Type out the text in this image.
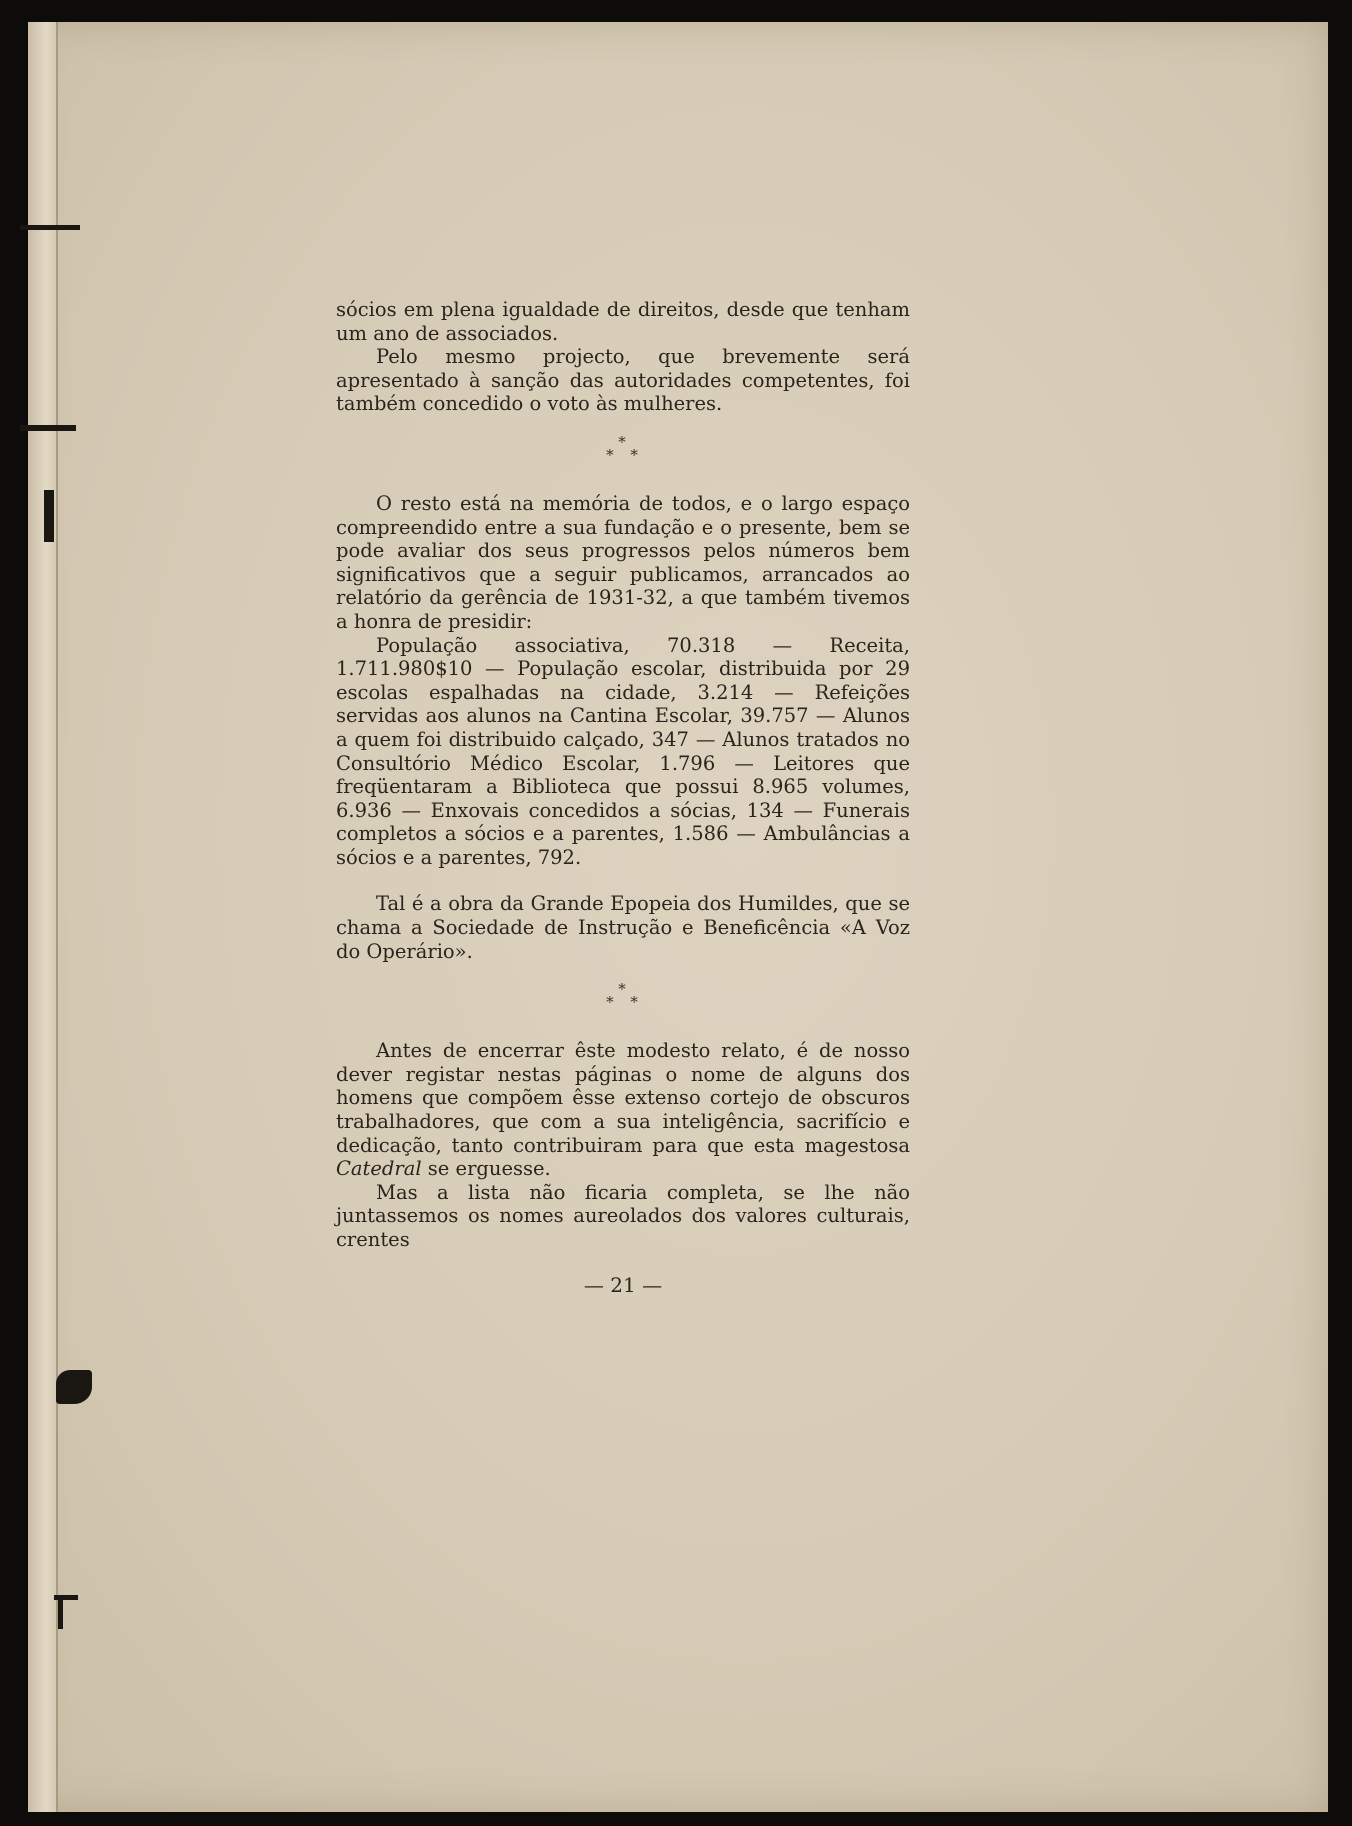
sócios em plena igualdade de direitos, desde que tenham um ano de associados.

Pelo mesmo projecto, que brevemente será apresentado à sanção das autoridades competentes, foi também concedido o voto às mulheres.

*
* *

O resto está na memória de todos, e o largo espaço compreendido entre a sua fundação e o presente, bem se pode avaliar dos seus progressos pelos números bem significativos que a seguir publicamos, arrancados ao relatório da gerência de 1931-32, a que também tivemos a honra de presidir:

População associativa, 70.318 — Receita, 1.711.980$10 — População escolar, distribuida por 29 escolas espalhadas na cidade, 3.214 — Refeições servidas aos alunos na Cantina Escolar, 39.757 — Alunos a quem foi distribuido calçado, 347 — Alunos tratados no Consultório Médico Escolar, 1.796 — Leitores que freqüentaram a Biblioteca que possui 8.965 volumes, 6.936 — Enxovais concedidos a sócias, 134 — Funerais completos a sócios e a parentes, 1.586 — Ambulâncias a sócios e a parentes, 792.

Tal é a obra da Grande Epopeia dos Humildes, que se chama a Sociedade de Instrução e Beneficência «A Voz do Operário».

*
* *

Antes de encerrar êste modesto relato, é de nosso dever registar nestas páginas o nome de alguns dos homens que compõem êsse extenso cortejo de obscuros trabalhadores, que com a sua inteligência, sacrifício e dedicação, tanto contribuiram para que esta magestosa Catedral se erguesse.

Mas a lista não ficaria completa, se lhe não juntassemos os nomes aureolados dos valores culturais, crentes

— 21 —
